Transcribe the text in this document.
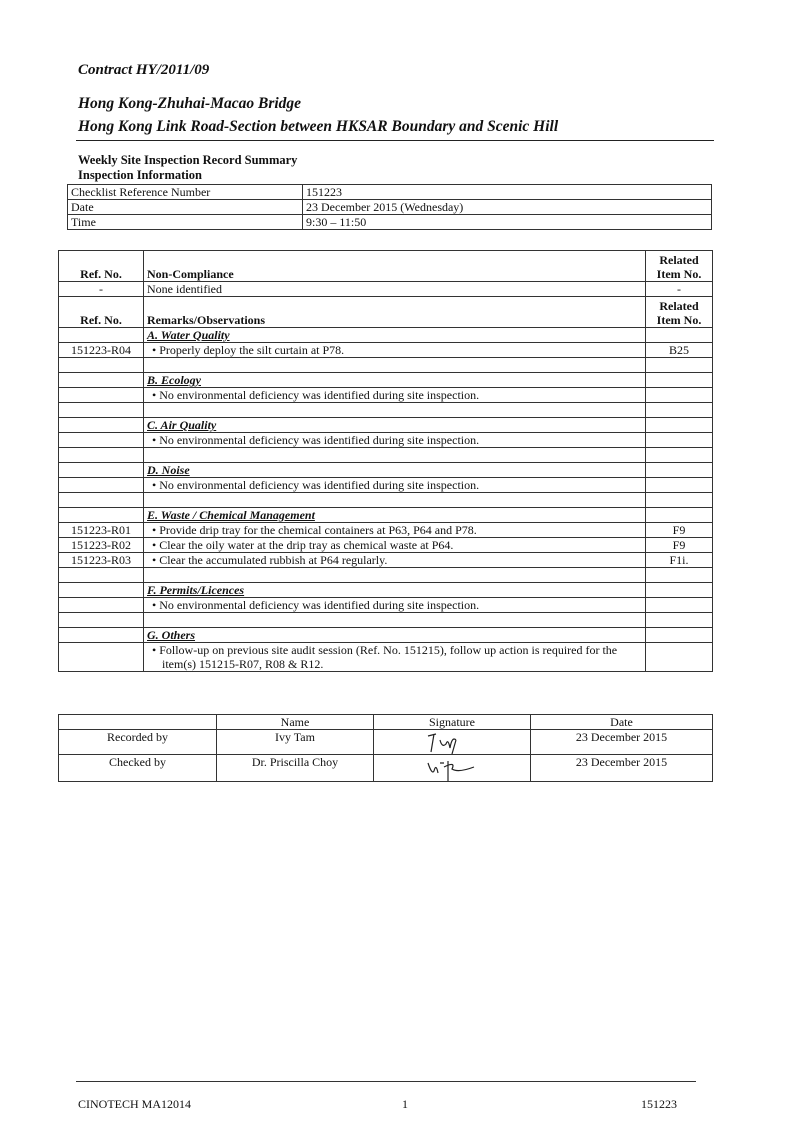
Contract HY/2011/09
Hong Kong-Zhuhai-Macao Bridge
Hong Kong Link Road-Section between HKSAR Boundary and Scenic Hill
Weekly Site Inspection Record Summary
Inspection Information
Checklist Reference Number	151223
Date	23 December 2015 (Wednesday)
Time	9:30 – 11:50
Ref. No.	Non-Compliance	Related Item No.
-	None identified	-
Ref. No.	Remarks/Observations	Related Item No.
	A. Water Quality	
151223-R04	• Properly deploy the silt curtain at P78.	B25

	B. Ecology	
	• No environmental deficiency was identified during site inspection.	

	C. Air Quality	
	• No environmental deficiency was identified during site inspection.	

	D. Noise	
	• No environmental deficiency was identified during site inspection.	

	E. Waste / Chemical Management	
151223-R01	• Provide drip tray for the chemical containers at P63, P64 and P78.	F9
151223-R02	• Clear the oily water at the drip tray as chemical waste at P64.	F9
151223-R03	• Clear the accumulated rubbish at P64 regularly.	F1i.

	F. Permits/Licences	
	• No environmental deficiency was identified during site inspection.	

	G. Others	
	• Follow-up on previous site audit session (Ref. No. 151215), follow up action is required for the item(s) 151215-R07, R08 & R12.	
	Name	Signature	Date
Recorded by	Ivy Tam		23 December 2015
Checked by	Dr. Priscilla Choy		23 December 2015
CINOTECH MA12014	1	151223
